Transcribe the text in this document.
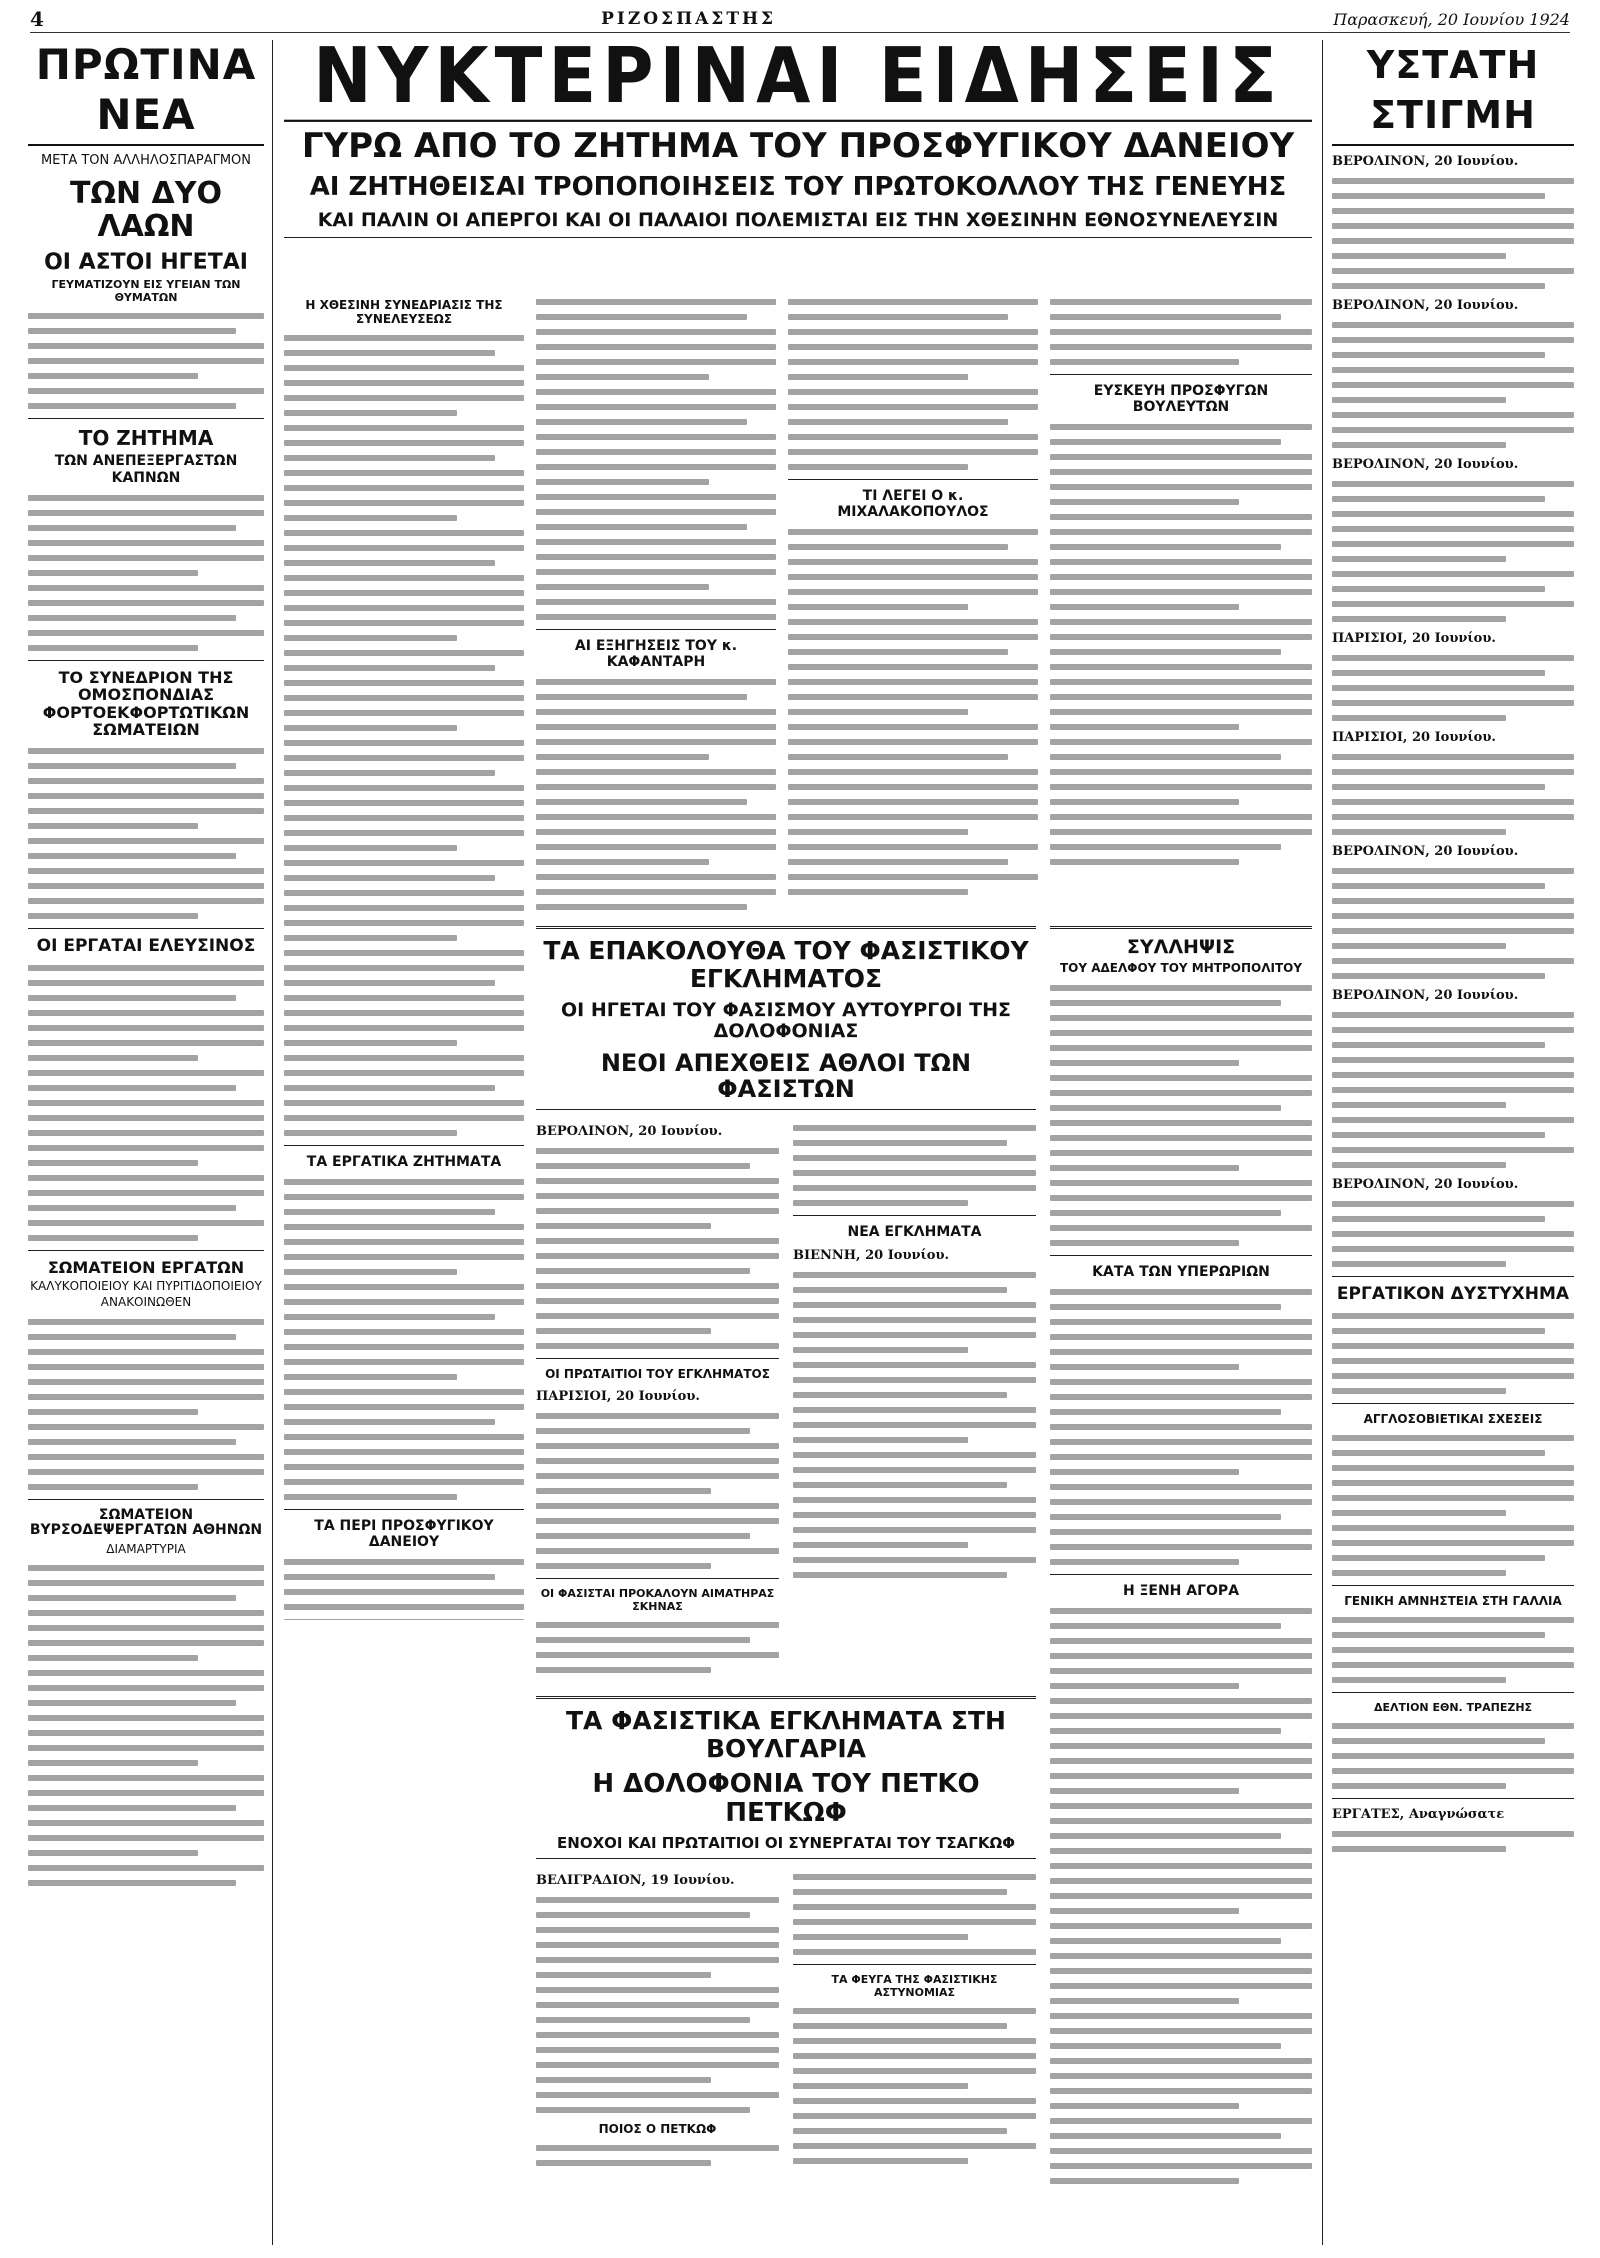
4	ΡΙΖΟΣΠΑΣΤΗΣ	Παρασκευή, 20 Ιουνίου 1924
ΠΡΩΤΙΝΑ ΝΕΑ
ΜΕΤΑ ΤΟΝ ΑΛΛΗΛΟΣΠΑΡΑΓΜΟΝ
ΤΩΝ ΔΥΟ ΛΑΩΝ
ΟΙ ΑΣΤΟΙ ΗΓΕΤΑΙ
ΓΕΥΜΑΤΙΖΟΥΝ ΕΙΣ ΥΓΕΙΑΝ ΤΩΝ ΘΥΜΑΤΩΝ
ΤΟ ΖΗΤΗΜΑ
ΤΩΝ ΑΝΕΠΕΞΕΡΓΑΣΤΩΝ ΚΑΠΝΩΝ
ΤΟ ΣΥΝΕΔΡΙΟΝ ΤΗΣ ΟΜΟΣΠΟΝΔΙΑΣ ΦΟΡΤΟΕΚΦΟΡΤΩΤΙΚΩΝ ΣΩΜΑΤΕΙΩΝ
ΟΙ ΕΡΓΑΤΑΙ ΕΛΕΥΣΙΝΟΣ
ΣΩΜΑΤΕΙΟΝ ΕΡΓΑΤΩΝ
ΚΑΛΥΚΟΠΟΙΕΙΟΥ ΚΑΙ ΠΥΡΙΤΙΔΟΠΟΙΕΙΟΥ
ΑΝΑΚΟΙΝΩΘΕΝ
ΣΩΜΑΤΕΙΟΝ ΒΥΡΣΟΔΕΨΕΡΓΑΤΩΝ ΑΘΗΝΩΝ
ΔΙΑΜΑΡΤΥΡΙΑ
ΝΥΚΤΕΡΙΝΑΙ ΕΙΔΗΣΕΙΣ
ΓΥΡΩ ΑΠΟ ΤΟ ΖΗΤΗΜΑ ΤΟΥ ΠΡΟΣΦΥΓΙΚΟΥ ΔΑΝΕΙΟΥ
ΑΙ ΖΗΤΗΘΕΙΣΑΙ ΤΡΟΠΟΠΟΙΗΣΕΙΣ ΤΟΥ ΠΡΩΤΟΚΟΛΛΟΥ ΤΗΣ ΓΕΝΕΥΗΣ
ΚΑΙ ΠΑΛΙΝ ΟΙ ΑΠΕΡΓΟΙ ΚΑΙ ΟΙ ΠΑΛΑΙΟΙ ΠΟΛΕΜΙΣΤΑΙ ΕΙΣ ΤΗΝ ΧΘΕΣΙΝΗΝ ΕΘΝΟΣΥΝΕΛΕΥΣΙΝ
Η ΧΘΕΣΙΝΗ ΣΥΝΕΔΡΙΑΣΙΣ ΤΗΣ ΣΥΝΕΛΕΥΣΕΩΣ
ΤΑ ΕΡΓΑΤΙΚΑ ΖΗΤΗΜΑΤΑ
ΤΑ ΠΕΡΙ ΠΡΟΣΦΥΓΙΚΟΥ ΔΑΝΕΙΟΥ
ΑΙ ΕΞΗΓΗΣΕΙΣ ΤΟΥ κ. ΚΑΦΑΝΤΑΡΗ
ΤΙ ΛΕΓΕΙ Ο κ. ΜΙΧΑΛΑΚΟΠΟΥΛΟΣ
ΕΥΣΚΕΥΗ ΠΡΟΣΦΥΓΩΝ ΒΟΥΛΕΥΤΩΝ
ΤΑ ΕΠΑΚΟΛΟΥΘΑ ΤΟΥ ΦΑΣΙΣΤΙΚΟΥ ΕΓΚΛΗΜΑΤΟΣ
ΟΙ ΗΓΕΤΑΙ ΤΟΥ ΦΑΣΙΣΜΟΥ ΑΥΤΟΥΡΓΟΙ ΤΗΣ ΔΟΛΟΦΟΝΙΑΣ
ΝΕΟΙ ΑΠΕΧΘΕΙΣ ΑΘΛΟΙ ΤΩΝ ΦΑΣΙΣΤΩΝ
ΒΕΡΟΛΙΝΟΝ, 20 Ιουνίου.
ΟΙ ΠΡΩΤΑΙΤΙΟΙ ΤΟΥ ΕΓΚΛΗΜΑΤΟΣ
ΠΑΡΙΣΙΟΙ, 20 Ιουνίου.
ΟΙ ΦΑΣΙΣΤΑΙ ΠΡΟΚΑΛΟΥΝ ΑΙΜΑΤΗΡΑΣ ΣΚΗΝΑΣ
ΝΕΑ ΕΓΚΛΗΜΑΤΑ
ΒΙΕΝΝΗ, 20 Ιουνίου.
ΤΑ ΦΑΣΙΣΤΙΚΑ ΕΓΚΛΗΜΑΤΑ ΣΤΗ ΒΟΥΛΓΑΡΙΑ
Η ΔΟΛΟΦΟΝΙΑ ΤΟΥ ΠΕΤΚΟ ΠΕΤΚΩΦ
ΕΝΟΧΟΙ ΚΑΙ ΠΡΩΤΑΙΤΙΟΙ ΟΙ ΣΥΝΕΡΓΑΤΑΙ ΤΟΥ ΤΣΑΓΚΩΦ
ΒΕΛΙΓΡΑΔΙΟΝ, 19 Ιουνίου.
ΠΟΙΟΣ Ο ΠΕΤΚΩΦ
ΤΑ ΦΕΥΓΑ ΤΗΣ ΦΑΣΙΣΤΙΚΗΣ ΑΣΤΥΝΟΜΙΑΣ
ΣΥΛΛΗΨΙΣ
ΤΟΥ ΑΔΕΛΦΟΥ ΤΟΥ ΜΗΤΡΟΠΟΛΙΤΟΥ
ΚΑΤΑ ΤΩΝ ΥΠΕΡΩΡΙΩΝ
Η ΞΕΝΗ ΑΓΟΡΑ
ΥΣΤΑΤΗ ΣΤΙΓΜΗ
ΒΕΡΟΛΙΝΟΝ, 20 Ιουνίου.
ΒΕΡΟΛΙΝΟΝ, 20 Ιουνίου.
ΒΕΡΟΛΙΝΟΝ, 20 Ιουνίου.
ΠΑΡΙΣΙΟΙ, 20 Ιουνίου.
ΠΑΡΙΣΙΟΙ, 20 Ιουνίου.
ΒΕΡΟΛΙΝΟΝ, 20 Ιουνίου.
ΒΕΡΟΛΙΝΟΝ, 20 Ιουνίου.
ΒΕΡΟΛΙΝΟΝ, 20 Ιουνίου.
ΕΡΓΑΤΙΚΟΝ ΔΥΣΤΥΧΗΜΑ
ΑΓΓΛΟΣΟΒΙΕΤΙΚΑΙ ΣΧΕΣΕΙΣ
ΓΕΝΙΚΗ ΑΜΝΗΣΤΕΙΑ ΣΤΗ ΓΑΛΛΙΑ
ΔΕΛΤΙΟΝ ΕΘΝ. ΤΡΑΠΕΖΗΣ
ΕΡΓΑΤΕΣ, Αναγνώσατε
